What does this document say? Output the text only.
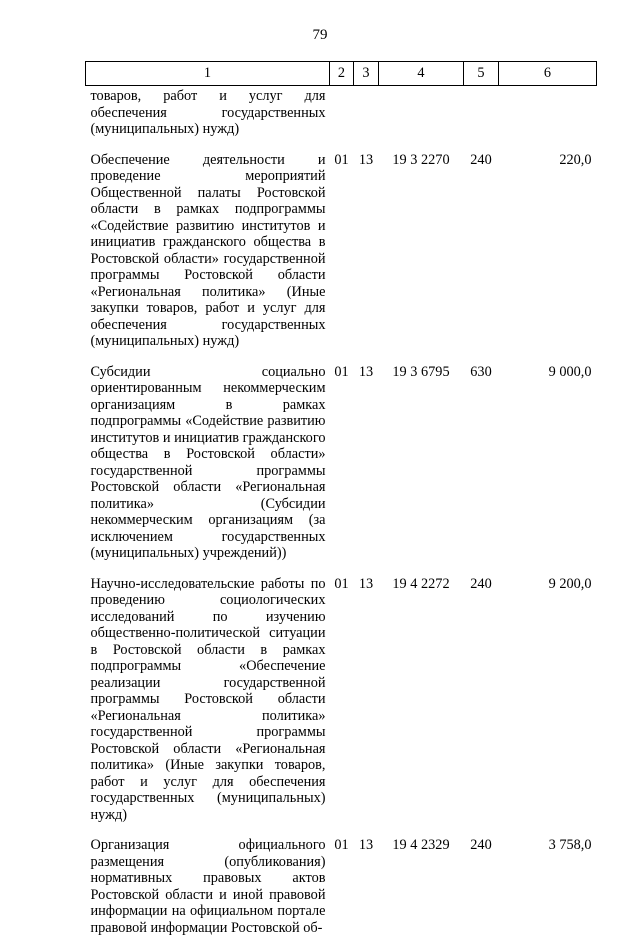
79
1	2	3	4	5	6
товаров, работ и услуг для обеспечения государственных (муниципальных) нужд)					
Обеспечение деятельности и проведение мероприятий Общественной палаты Ростовской области в рамках подпрограммы «Содействие развитию институтов и инициатив гражданского общества в Ростовской области» государственной программы Ростовской области «Региональная политика» (Иные закупки товаров, работ и услуг для обеспечения государственных (муниципальных) нужд)	01	13	19 3 2270	240	220,0
Субсидии социально ориентированным некоммерческим организациям в рамках подпрограммы «Содействие развитию институтов и инициатив гражданского общества в Ростовской области» государственной программы Ростовской области «Региональная политика» (Субсидии некоммерческим организациям (за исключением государственных (муниципальных) учреждений))	01	13	19 3 6795	630	9 000,0
Научно-исследовательские работы по проведению социологических исследований по изучению общественно-политической ситуации в Ростовской области в рамках подпрограммы «Обеспечение реализации государственной программы Ростовской области «Региональная политика» государственной программы Ростовской области «Региональная политика» (Иные закупки товаров, работ и услуг для обеспечения государственных (муниципальных) нужд)	01	13	19 4 2272	240	9 200,0
Организация официального размещения (опубликования) нормативных правовых актов Ростовской области и иной правовой информации на официальном портале правовой информации Ростовской об-	01	13	19 4 2329	240	3 758,0
